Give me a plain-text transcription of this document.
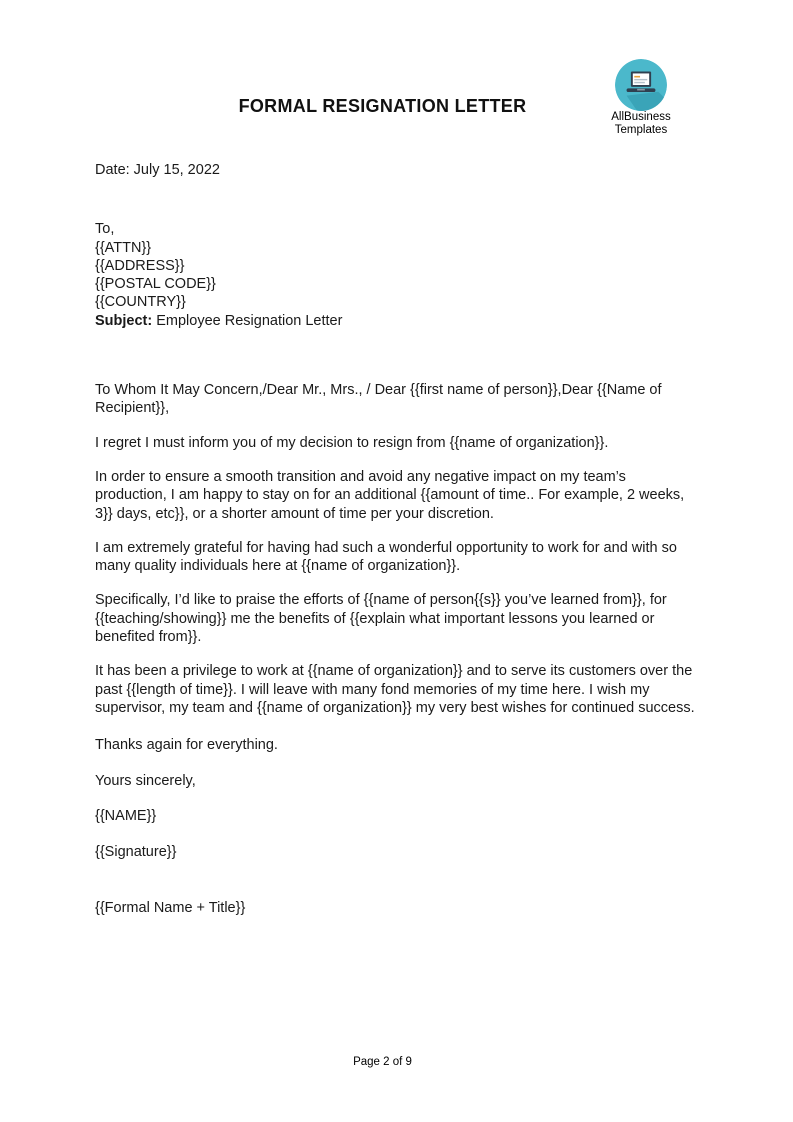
FORMAL RESIGNATION LETTER
AllBusiness
Templates

Date: July 15, 2022

To,
{{ATTN}}
{{ADDRESS}}
{{POSTAL CODE}}
{{COUNTRY}}

Subject: Employee Resignation Letter

To Whom It May Concern,/Dear Mr., Mrs., / Dear {{first name of person}},Dear {{Name of Recipient}},

I regret I must inform you of my decision to resign from {{name of organization}}.

In order to ensure a smooth transition and avoid any negative impact on my team’s production, I am happy to stay on for an additional {{amount of time.. For example, 2 weeks, 3}} days, etc}}, or a shorter amount of time per your discretion.

I am extremely grateful for having had such a wonderful opportunity to work for and with so many quality individuals here at {{name of organization}}.

Specifically, I’d like to praise the efforts of {{name of person{{s}} you’ve learned from}}, for {{teaching/showing}} me the benefits of {{explain what important lessons you learned or benefited from}}.

It has been a privilege to work at {{name of organization}} and to serve its customers over the past {{length of time}}. I will leave with many fond memories of my time here. I wish my supervisor, my team and {{name of organization}} my very best wishes for continued success.

Thanks again for everything.

Yours sincerely,

{{NAME}}

{{Signature}}

{{Formal Name + Title}}

Page 2 of 9
